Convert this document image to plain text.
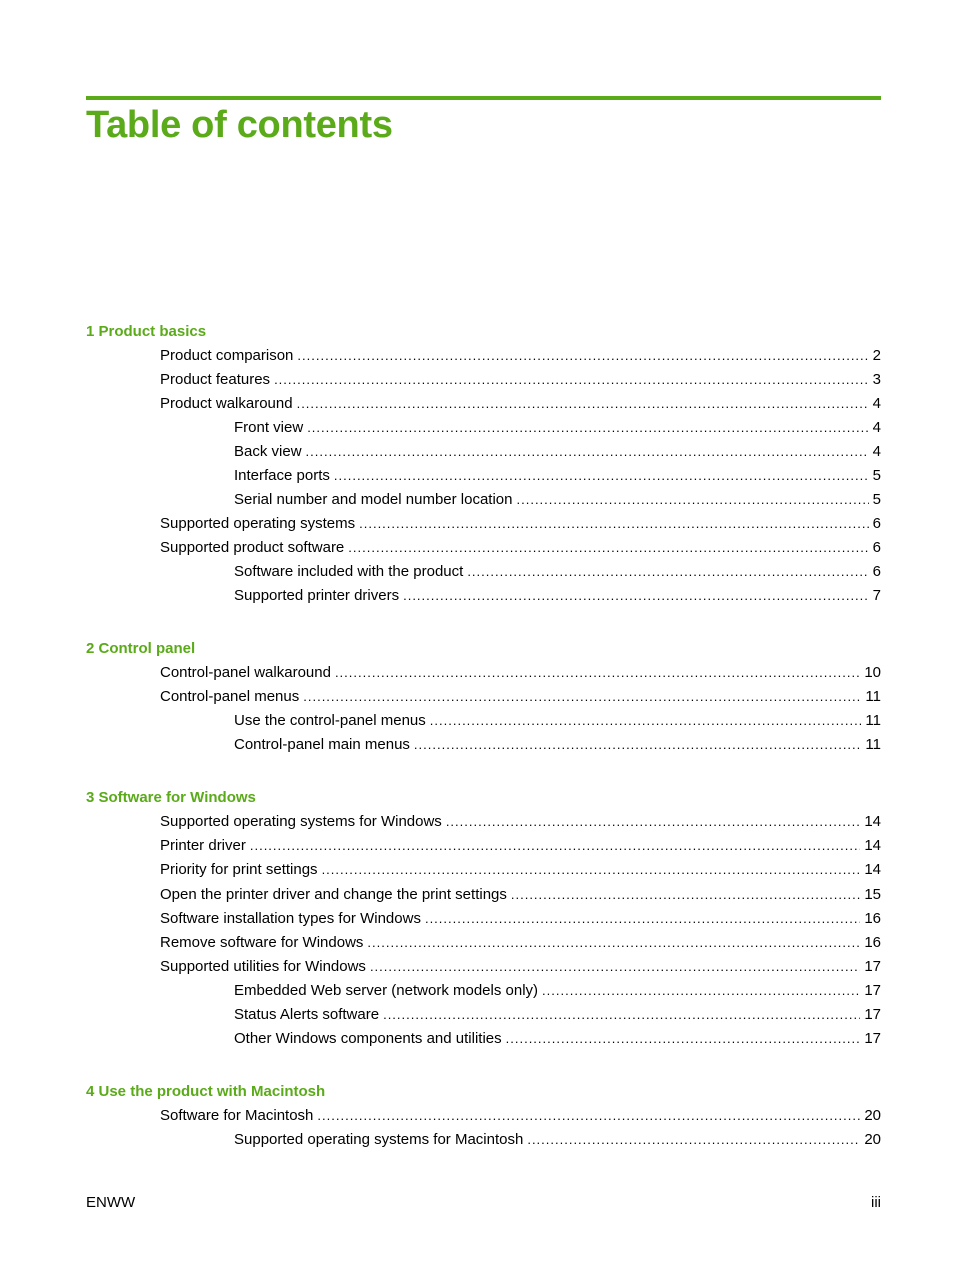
Table of contents
1 Product basics
Product comparison .....	2
Product features .....	3
Product walkaround .....	4
Front view .....	4
Back view .....	4
Interface ports .....	5
Serial number and model number location .....	5
Supported operating systems .....	6
Supported product software .....	6
Software included with the product .....	6
Supported printer drivers .....	7
2 Control panel
Control-panel walkaround .....	10
Control-panel menus .....	11
Use the control-panel menus .....	11
Control-panel main menus .....	11
3 Software for Windows
Supported operating systems for Windows .....	14
Printer driver .....	14
Priority for print settings .....	14
Open the printer driver and change the print settings .....	15
Software installation types for Windows .....	16
Remove software for Windows .....	16
Supported utilities for Windows .....	17
Embedded Web server (network models only) .....	17
Status Alerts software .....	17
Other Windows components and utilities .....	17
4 Use the product with Macintosh
Software for Macintosh .....	20
Supported operating systems for Macintosh .....	20
ENWW	iii
